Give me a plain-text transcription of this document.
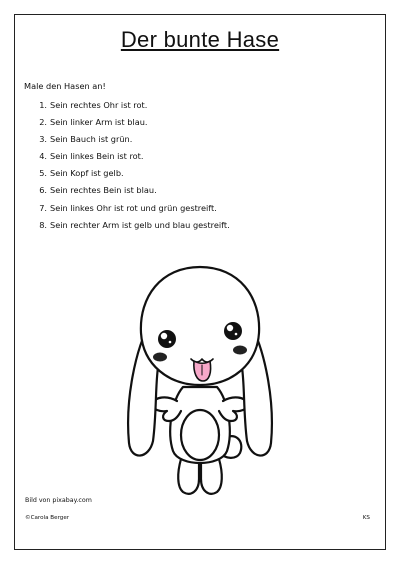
Der bunte Hase
Male den Hasen an!
1. Sein rechtes Ohr ist rot.
2. Sein linker Arm ist blau.
3. Sein Bauch ist grün.
4. Sein linkes Bein ist rot.
5. Sein Kopf ist gelb.
6. Sein rechtes Bein ist blau.
7. Sein linkes Ohr ist rot und grün gestreift.
8. Sein rechter Arm ist gelb und blau gestreift.
Bild von pixabay.com
©Carola Berger	KS
